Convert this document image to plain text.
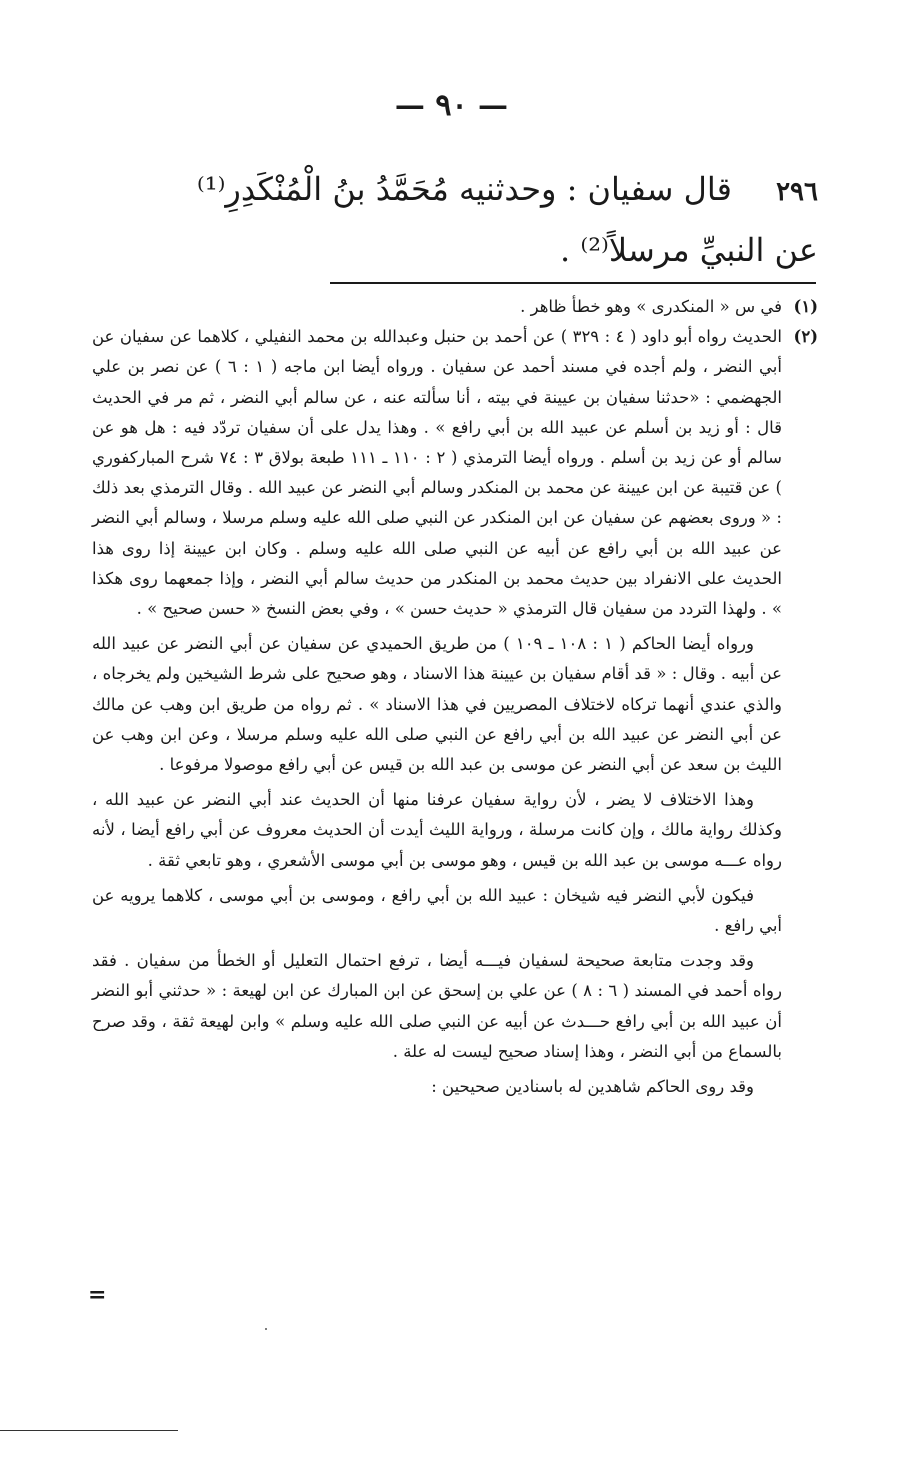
— ٩٠ —
٢٩٦ قال سفيان : وحدثنيه مُحَمَّدُ بنُ الْمُنْكَدِرِ⁽¹⁾ عن النبيِّ مرسلاً⁽²⁾ .
(١)

في س « المنكدرى » وهو خطأ ظاهر .

(٢)

الحديث رواه أبو داود ( ٤ : ٣٢٩ ) عن أحمد بن حنبل وعبدالله بن محمد النفيلي ، كلاهما عن سفيان عن أبي النضر ، ولم أجده في مسند أحمد عن سفيان . ورواه أيضا ابن ماجه ( ١ : ٦ ) عن نصر بن علي الجهضمي : «حدثنا سفيان بن عيينة في بيته ، أنا سألته عنه ، عن سالم أبي النضر ، ثم مر في الحديث قال : أو زيد بن أسلم عن عبيد الله بن أبي رافع » . وهذا يدل على أن سفيان تردّد فيه : هل هو عن سالم أو عن زيد بن أسلم . ورواه أيضا الترمذي ( ٢ : ١١٠ ـ ١١١ طبعة بولاق ٣ : ٧٤ شرح المباركفوري ) عن قتيبة عن ابن عيينة عن محمد بن المنكدر وسالم أبي النضر عن عبيد الله . وقال الترمذي بعد ذلك : « وروى بعضهم عن سفيان عن ابن المنكدر عن النبي صلى الله عليه وسلم مرسلا ، وسالم أبي النضر عن عبيد الله بن أبي رافع عن أبيه عن النبي صلى الله عليه وسلم . وكان ابن عيينة إذا روى هذا الحديث على الانفراد بين حديث محمد بن المنكدر من حديث سالم أبي النضر ، وإذا جمعهما روى هكذا » . ولهذا التردد من سفيان قال الترمذي « حديث حسن » ، وفي بعض النسخ « حسن صحيح » .

ورواه أيضا الحاكم ( ١ : ١٠٨ ـ ١٠٩ ) من طريق الحميدي عن سفيان عن أبي النضر عن عبيد الله عن أبيه . وقال : « قد أقام سفيان بن عيينة هذا الاسناد ، وهو صحيح على شرط الشيخين ولم يخرجاه ، والذي عندي أنهما تركاه لاختلاف المصريين في هذا الاسناد » . ثم رواه من طريق ابن وهب عن مالك عن أبي النضر عن عبيد الله بن أبي رافع عن النبي صلى الله عليه وسلم مرسلا ، وعن ابن وهب عن الليث بن سعد عن أبي النضر عن موسى بن عبد الله بن قيس عن أبي رافع موصولا مرفوعا .

وهذا الاختلاف لا يضر ، لأن رواية سفيان عرفنا منها أن الحديث عند أبي النضر عن عبيد الله ، وكذلك رواية مالك ، وإن كانت مرسلة ، ورواية الليث أيدت أن الحديث معروف عن أبي رافع أيضا ، لأنه رواه عـــه موسى بن عبد الله بن قيس ، وهو موسى بن أبي موسى الأشعري ، وهو تابعي ثقة .

فيكون لأبي النضر فيه شيخان : عبيد الله بن أبي رافع ، وموسى بن أبي موسى ، كلاهما يرويه عن أبي رافع .

وقد وجدت متابعة صحيحة لسفيان فيـــه أيضا ، ترفع احتمال التعليل أو الخطأ من سفيان . فقد رواه أحمد في المسند ( ٦ : ٨ ) عن علي بن إسحق عن ابن المبارك عن ابن لهيعة : « حدثني أبو النضر أن عبيد الله بن أبي رافع حـــدث عن أبيه عن النبي صلى الله عليه وسلم » وابن لهيعة ثقة ، وقد صرح بالسماع من أبي النضر ، وهذا إسناد صحيح ليست له علة .

وقد روى الحاكم شاهدين له باسنادين صحيحين :

=
